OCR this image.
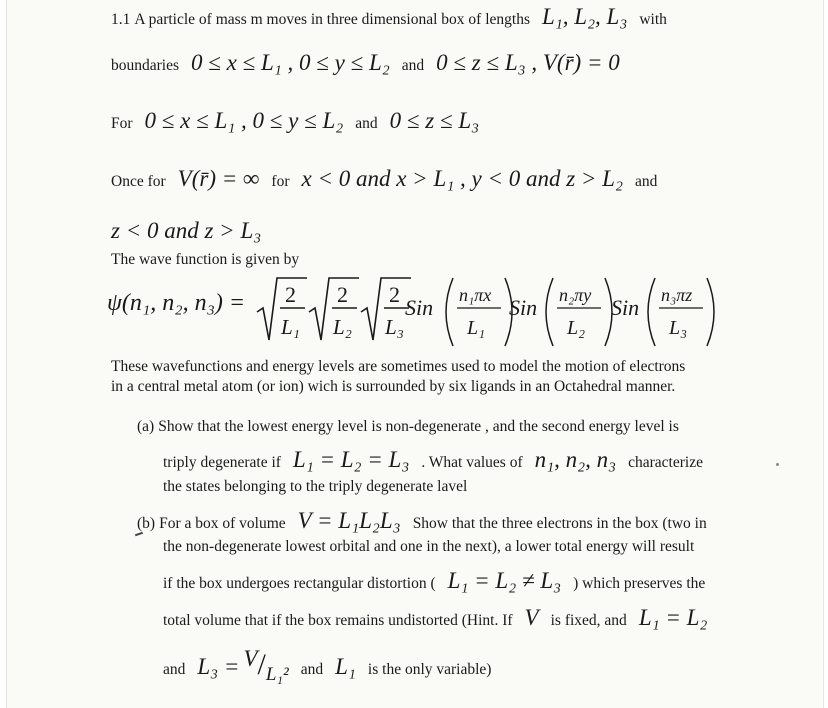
1.1 A particle of mass m moves in three dimensional box of lengths L₁, L₂, L₃ with
boundaries 0 ≤ x ≤ L₁ , 0 ≤ y ≤ L₂ and 0 ≤ z ≤ L₃ , V(r̄) = 0
For 0 ≤ x ≤ L₁ , 0 ≤ y ≤ L₂ and 0 ≤ z ≤ L₃
Once for V(r̄) = ∞ for x < 0 and x > L₁ , y < 0 and z > L₂ and
z < 0 and z > L₃
The wave function is given by
ψ(n₁, n₂, n₃) = 2
L₁
2
L₂
2
L₃
Sin n₁πx
L₁
Sin n₂πy
L₂
Sin n₃πz
L₃
These wavefunctions and energy levels are sometimes used to model the motion of electrons
in a central metal atom (or ion) wich is surrounded by six ligands in an Octahedral manner.
(a) Show that the lowest energy level is non-degenerate , and the second energy level is
triply degenerate if L₁ = L₂ = L₃ . What values of n₁, n₂, n₃ characterize
the states belonging to the triply degenerate lavel
(b) For a box of volume V = L₁L₂L₃ Show that the three electrons in the box (two in
the non-degenerate lowest orbital and one in the next), a lower total energy will result
if the box undergoes rectangular distortion ( L₁ = L₂ ≠ L₃ ) which preserves the
total volume that if the box remains undistorted (Hint. If V is fixed, and L₁ = L₂
and L₃ = V/L₁² and L₁ is the only variable)
